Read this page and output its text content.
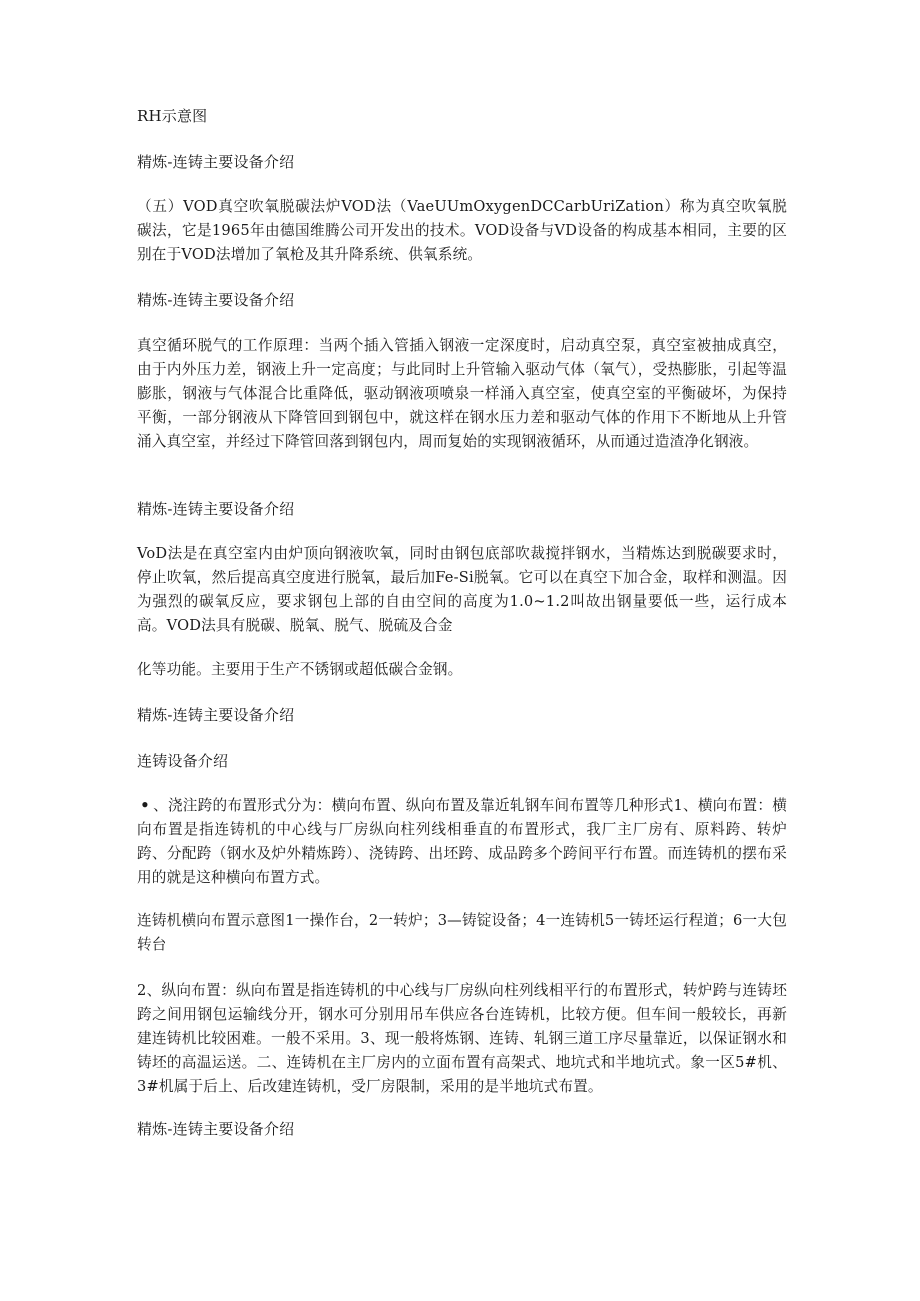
RH示意图

精炼-连铸主要设备介绍

（五）VOD真空吹氧脱碳法炉VOD法（VaeUUmOxygenDCCarbUriZation）称为真空吹氧脱碳法，它是1965年由德国维腾公司开发出的技术。VOD设备与VD设备的构成基本相同，主要的区别在于VOD法增加了氧枪及其升降系统、供氧系统。

精炼-连铸主要设备介绍

真空循环脱气的工作原理：当两个插入管插入钢液一定深度时，启动真空泵，真空室被抽成真空，由于内外压力差，钢液上升一定高度；与此同时上升管输入驱动气体（氧气），受热膨胀，引起等温膨胀，钢液与气体混合比重降低，驱动钢液项喷泉一样涌入真空室，使真空室的平衡破坏，为保持平衡，一部分钢液从下降管回到钢包中，就这样在钢水压力差和驱动气体的作用下不断地从上升管涌入真空室，并经过下降管回落到钢包内，周而复始的实现钢液循环，从而通过造渣净化钢液。

精炼-连铸主要设备介绍

VoD法是在真空室内由炉顶向钢液吹氧，同时由钢包底部吹裁搅拌钢水，当精炼达到脱碳要求时，停止吹氧，然后提高真空度进行脱氧，最后加Fe-Si脱氧。它可以在真空下加合金，取样和测温。因为强烈的碳氧反应，要求钢包上部的自由空间的高度为1.0~1.2叫故出钢量要低一些，运行成本高。VOD法具有脱碳、脱氧、脱气、脱硫及合金

化等功能。主要用于生产不锈钢或超低碳合金钢。

精炼-连铸主要设备介绍

连铸设备介绍

• 、浇注跨的布置形式分为：横向布置、纵向布置及靠近轧钢车间布置等几种形式1、横向布置：横向布置是指连铸机的中心线与厂房纵向柱列线相垂直的布置形式，我厂主厂房有、原料跨、转炉跨、分配跨（钢水及炉外精炼跨）、浇铸跨、出坯跨、成品跨多个跨间平行布置。而连铸机的摆布采用的就是这种横向布置方式。

连铸机横向布置示意图1一操作台，2一转炉；3—铸锭设备；4一连铸机5一铸坯运行程道；6一大包转台

2、纵向布置：纵向布置是指连铸机的中心线与厂房纵向柱列线相平行的布置形式，转炉跨与连铸坯跨之间用钢包运输线分开，钢水可分别用吊车供应各台连铸机，比较方便。但车间一般较长，再新建连铸机比较困难。一般不采用。3、现一般将炼钢、连铸、轧钢三道工序尽量靠近，以保证钢水和铸坯的高温运送。二、连铸机在主厂房内的立面布置有高架式、地坑式和半地坑式。象一区5#机、3#机属于后上、后改建连铸机，受厂房限制，采用的是半地坑式布置。

精炼-连铸主要设备介绍
